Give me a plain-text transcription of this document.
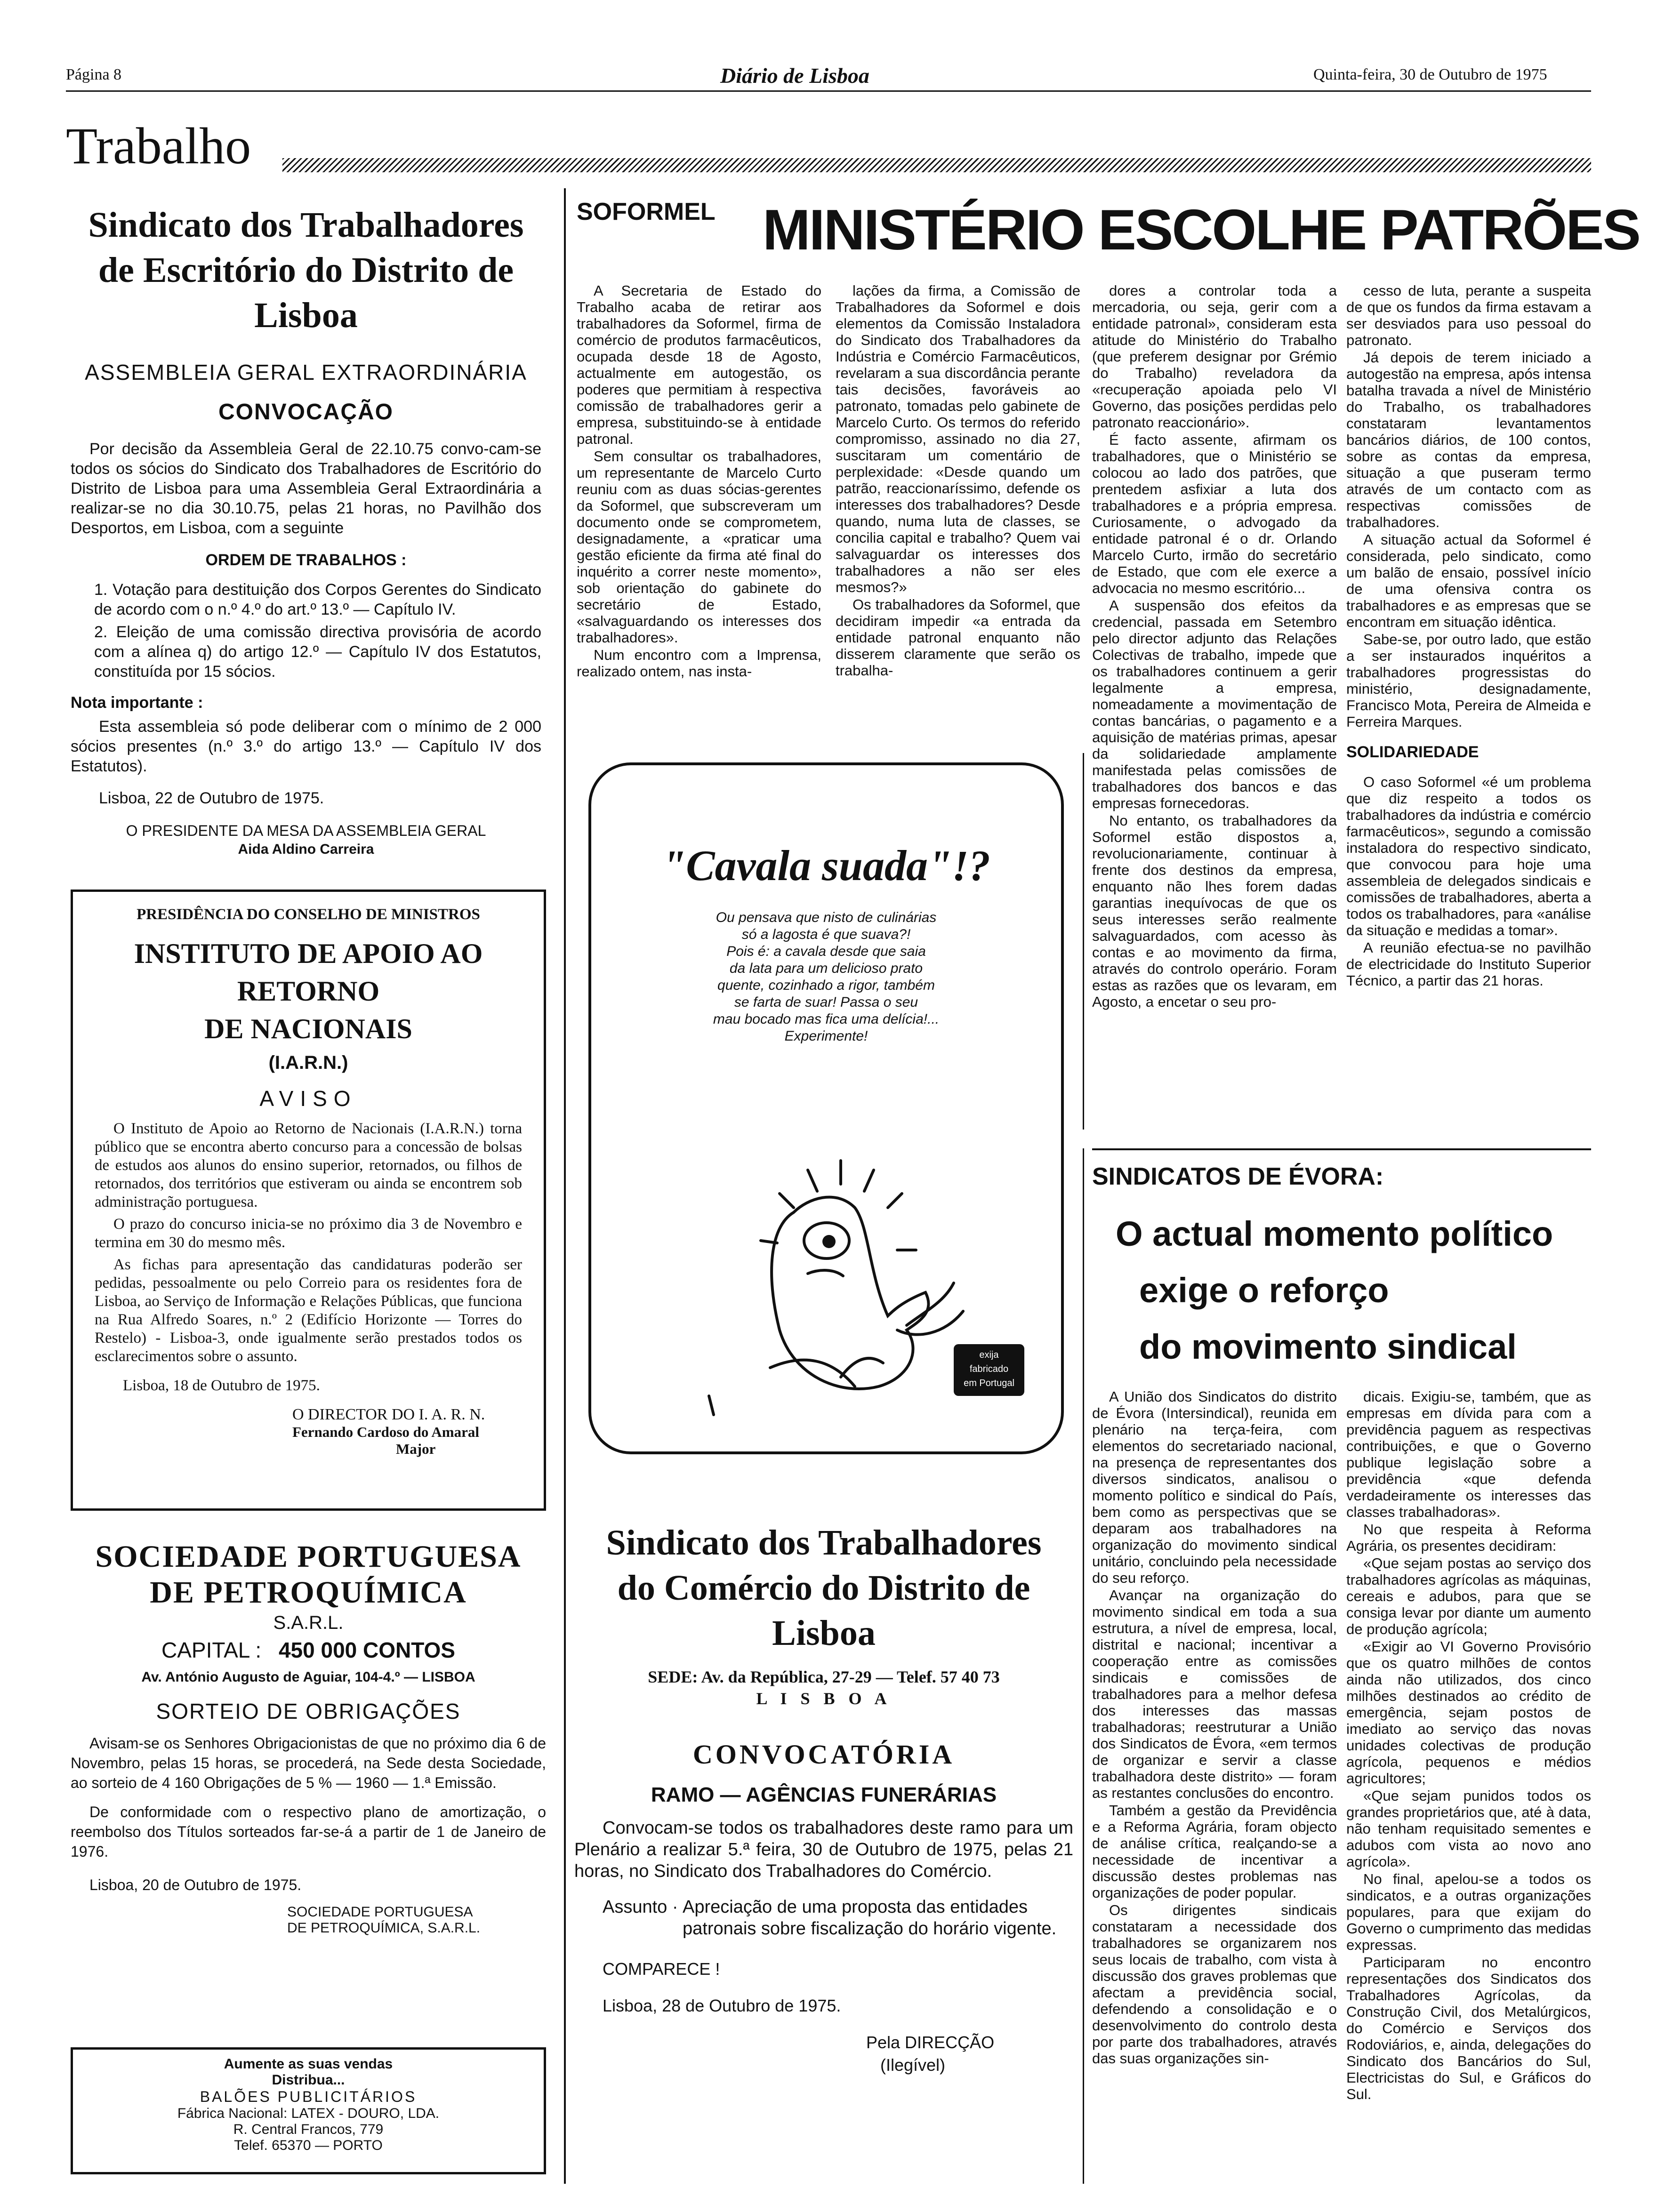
Página 8	Diário de Lisboa	Quinta-feira, 30 de Outubro de 1975
Trabalho
Sindicato dos Trabalhadores
de Escritório do Distrito de Lisboa
ASSEMBLEIA GERAL EXTRAORDINÁRIA
CONVOCAÇÃO

Por decisão da Assembleia Geral de 22.10.75 convo-cam-se todos os sócios do Sindicato dos Trabalhadores de Escritório do Distrito de Lisboa para uma Assembleia Geral Extraordinária a realizar-se no dia 30.10.75, pelas 21 horas, no Pavilhão dos Desportos, em Lisboa, com a seguinte

ORDEM DE TRABALHOS :
1. Votação para destituição dos Corpos Gerentes do Sindicato de acordo com o n.º 4.º do art.º 13.º — Capítulo IV.
2. Eleição de uma comissão directiva provisória de acordo com a alínea q) do artigo 12.º — Capítulo IV dos Estatutos, constituída por 15 sócios.
Nota importante :

Esta assembleia só pode deliberar com o mínimo de 2 000 sócios presentes (n.º 3.º do artigo 13.º — Capítulo IV dos Estatutos).

Lisboa, 22 de Outubro de 1975.
O PRESIDENTE DA MESA DA ASSEMBLEIA GERAL
Aida Aldino Carreira
PRESIDÊNCIA DO CONSELHO DE MINISTROS
INSTITUTO DE APOIO AO RETORNO
DE NACIONAIS
(I.A.R.N.)
AVISO

O Instituto de Apoio ao Retorno de Nacionais (I.A.R.N.) torna público que se encontra aberto concurso para a concessão de bolsas de estudos aos alunos do ensino superior, retornados, ou filhos de retornados, dos territórios que estiveram ou ainda se encontrem sob administração portuguesa.

O prazo do concurso inicia-se no próximo dia 3 de Novembro e termina em 30 do mesmo mês.

As fichas para apresentação das candidaturas poderão ser pedidas, pessoalmente ou pelo Correio para os residentes fora de Lisboa, ao Serviço de Informação e Relações Públicas, que funciona na Rua Alfredo Soares, n.º 2 (Edifício Horizonte — Torres do Restelo) - Lisboa-3, onde igualmente serão prestados todos os esclarecimentos sobre o assunto.

Lisboa, 18 de Outubro de 1975.
O DIRECTOR DO I. A. R. N.
Fernando Cardoso do Amaral
Major
SOCIEDADE PORTUGUESA
DE PETROQUÍMICA
S.A.R.L.
CAPITAL : 450 000 CONTOS
Av. António Augusto de Aguiar, 104-4.º — LISBOA
SORTEIO DE OBRIGAÇÕES

Avisam-se os Senhores Obrigacionistas de que no próximo dia 6 de Novembro, pelas 15 horas, se procederá, na Sede desta Sociedade, ao sorteio de 4 160 Obrigações de 5 % — 1960 — 1.ª Emissão.

De conformidade com o respectivo plano de amortização, o reembolso dos Títulos sorteados far-se-á a partir de 1 de Janeiro de 1976.

Lisboa, 20 de Outubro de 1975.
SOCIEDADE PORTUGUESA
DE PETROQUÍMICA, S.A.R.L.
Aumente as suas vendas
Distribua...
BALÕES PUBLICITÁRIOS
Fábrica Nacional: LATEX - DOURO, LDA.
R. Central Francos, 779
Telef. 65370 — PORTO
SOFORMEL MINISTÉRIO ESCOLHE PATRÕES

A Secretaria de Estado do Trabalho acaba de retirar aos trabalhadores da Soformel, firma de comércio de produtos farmacêuticos, ocupada desde 18 de Agosto, actualmente em autogestão, os poderes que permitiam à respectiva comissão de trabalhadores gerir a empresa, substituindo-se à entidade patronal.

Sem consultar os trabalhadores, um representante de Marcelo Curto reuniu com as duas sócias-gerentes da Soformel, que subscreveram um documento onde se comprometem, designadamente, a «praticar uma gestão eficiente da firma até final do inquérito a correr neste momento», sob orientação do gabinete do secretário de Estado, «salvaguardando os interesses dos trabalhadores».

Num encontro com a Imprensa, realizado ontem, nas insta-

lações da firma, a Comissão de Trabalhadores da Soformel e dois elementos da Comissão Instaladora do Sindicato dos Trabalhadores da Indústria e Comércio Farmacêuticos, revelaram a sua discordância perante tais decisões, favoráveis ao patronato, tomadas pelo gabinete de Marcelo Curto. Os termos do referido compromisso, assinado no dia 27, suscitaram um comentário de perplexidade: «Desde quando um patrão, reaccionaríssimo, defende os interesses dos trabalhadores? Desde quando, numa luta de classes, se concilia capital e trabalho? Quem vai salvaguardar os interesses dos trabalhadores a não ser eles mesmos?»

Os trabalhadores da Soformel, que decidiram impedir «a entrada da entidade patronal enquanto não disserem claramente que serão os trabalha-

dores a controlar toda a mercadoria, ou seja, gerir com a entidade patronal», consideram esta atitude do Ministério do Trabalho (que preferem designar por Grémio do Trabalho) reveladora da «recuperação apoiada pelo VI Governo, das posições perdidas pelo patronato reaccionário».

É facto assente, afirmam os trabalhadores, que o Ministério se colocou ao lado dos patrões, que prentedem asfixiar a luta dos trabalhadores e a própria empresa. Curiosamente, o advogado da entidade patronal é o dr. Orlando Marcelo Curto, irmão do secretário de Estado, que com ele exerce a advocacia no mesmo escritório...

A suspensão dos efeitos da credencial, passada em Setembro pelo director adjunto das Relações Colectivas de trabalho, impede que os trabalhadores continuem a gerir legalmente a empresa, nomeadamente a movimentação de contas bancárias, o pagamento e a aquisição de matérias primas, apesar da solidariedade amplamente manifestada pelas comissões de trabalhadores dos bancos e das empresas fornecedoras.

No entanto, os trabalhadores da Soformel estão dispostos a, revolucionariamente, continuar à frente dos destinos da empresa, enquanto não lhes forem dadas garantias inequívocas de que os seus interesses serão realmente salvaguardados, com acesso às contas e ao movimento da firma, através do controlo operário. Foram estas as razões que os levaram, em Agosto, a encetar o seu pro-

cesso de luta, perante a suspeita de que os fundos da firma estavam a ser desviados para uso pessoal do patronato.

Já depois de terem iniciado a autogestão na empresa, após intensa batalha travada a nível de Ministério do Trabalho, os trabalhadores constataram levantamentos bancários diários, de 100 contos, sobre as contas da empresa, situação a que puseram termo através de um contacto com as respectivas comissões de trabalhadores.

A situação actual da Soformel é considerada, pelo sindicato, como um balão de ensaio, possível início de uma ofensiva contra os trabalhadores e as empresas que se encontram em situação idêntica.

Sabe-se, por outro lado, que estão a ser instaurados inquéritos a trabalhadores progressistas do ministério, designadamente, Francisco Mota, Pereira de Almeida e Ferreira Marques.

SOLIDARIEDADE

O caso Soformel «é um problema que diz respeito a todos os trabalhadores da indústria e comércio farmacêuticos», segundo a comissão instaladora do respectivo sindicato, que convocou para hoje uma assembleia de delegados sindicais e comissões de trabalhadores, aberta a todos os trabalhadores, para «análise da situação e medidas a tomar».

A reunião efectua-se no pavilhão de electricidade do Instituto Superior Técnico, a partir das 21 horas.

"Cavala suada"!?
Ou pensava que nisto de culinárias
só a lagosta é que suava?!
Pois é: a cavala desde que saia
da lata para um delicioso prato
quente, cozinhado a rigor, também
se farta de suar! Passa o seu
mau bocado mas fica uma delícia!...
Experimente!
exija
fabricado
em Portugal
Sindicato dos Trabalhadores
do Comércio do Distrito de Lisboa
SEDE: Av. da República, 27-29 — Telef. 57 40 73
L I S B O A
CONVOCATÓRIA
RAMO — AGÊNCIAS FUNERÁRIAS

Convocam-se todos os trabalhadores deste ramo para um Plenário a realizar 5.ª feira, 30 de Outubro de 1975, pelas 21 horas, no Sindicato dos Trabalhadores do Comércio.

Assunto · Apreciação de uma proposta das entidades patronais sobre fiscalização do horário vigente.
COMPARECE !
Lisboa, 28 de Outubro de 1975.
Pela DIRECÇÃO
(Ilegível)
SINDICATOS DE ÉVORA:
O actual momento político
exige o reforço
do movimento sindical

A União dos Sindicatos do distrito de Évora (Intersindical), reunida em plenário na terça-feira, com elementos do secretariado nacional, na presença de representantes dos diversos sindicatos, analisou o momento político e sindical do País, bem como as perspectivas que se deparam aos trabalhadores na organização do movimento sindical unitário, concluindo pela necessidade do seu reforço.

Avançar na organização do movimento sindical em toda a sua estrutura, a nível de empresa, local, distrital e nacional; incentivar a cooperação entre as comissões sindicais e comissões de trabalhadores para a melhor defesa dos interesses das massas trabalhadoras; reestruturar a União dos Sindicatos de Évora, «em termos de organizar e servir a classe trabalhadora deste distrito» — foram as restantes conclusões do encontro.

Também a gestão da Previdência e a Reforma Agrária, foram objecto de análise crítica, realçando-se a necessidade de incentivar a discussão destes problemas nas organizações de poder popular.

Os dirigentes sindicais constataram a necessidade dos trabalhadores se organizarem nos seus locais de trabalho, com vista à discussão dos graves problemas que afectam a previdência social, defendendo a consolidação e o desenvolvimento do controlo desta por parte dos trabalhadores, através das suas organizações sin-

dicais. Exigiu-se, também, que as empresas em dívida para com a previdência paguem as respectivas contribuições, e que o Governo publique legislação sobre a previdência «que defenda verdadeiramente os interesses das classes trabalhadoras».

No que respeita à Reforma Agrária, os presentes decidiram:

«Que sejam postas ao serviço dos trabalhadores agrícolas as máquinas, cereais e adubos, para que se consiga levar por diante um aumento de produção agrícola;

«Exigir ao VI Governo Provisório que os quatro milhões de contos ainda não utilizados, dos cinco milhões destinados ao crédito de emergência, sejam postos de imediato ao serviço das novas unidades colectivas de produção agrícola, pequenos e médios agricultores;

«Que sejam punidos todos os grandes proprietários que, até à data, não tenham requisitado sementes e adubos com vista ao novo ano agrícola».

No final, apelou-se a todos os sindicatos, e a outras organizações populares, para que exijam do Governo o cumprimento das medidas expressas.

Participaram no encontro representações dos Sindicatos dos Trabalhadores Agrícolas, da Construção Civil, dos Metalúrgicos, do Comércio e Serviços dos Rodoviários, e, ainda, delegações do Sindicato dos Bancários do Sul, Electricistas do Sul, e Gráficos do Sul.
